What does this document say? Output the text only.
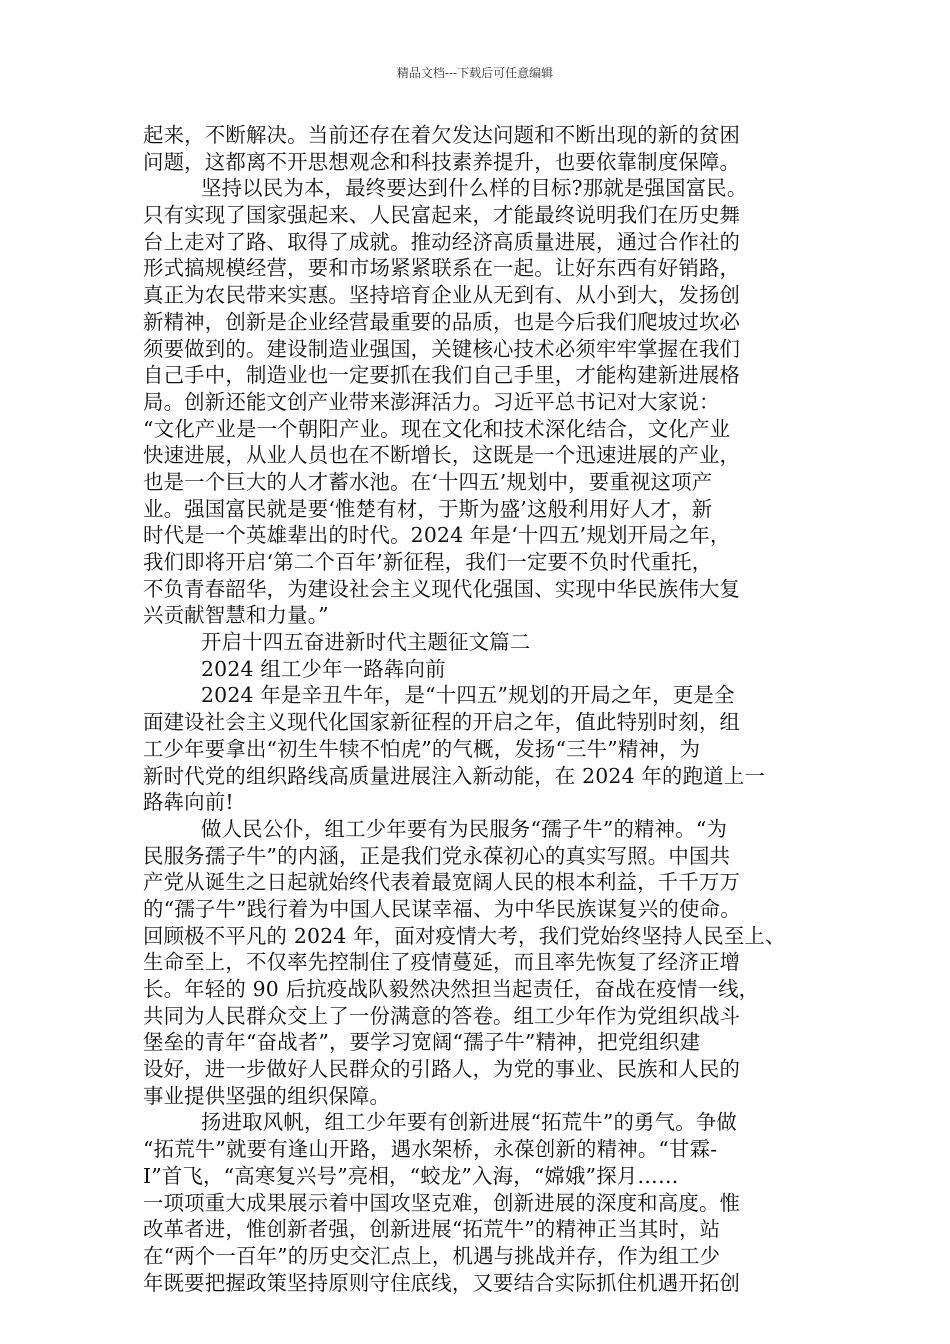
精品文档---下载后可任意编辑
起来，不断解决。当前还存在着欠发达问题和不断出现的新的贫困
问题，这都离不开思想观念和科技素养提升，也要依靠制度保障。
坚持以民为本，最终要达到什么样的目标?那就是强国富民。
只有实现了国家强起来、人民富起来，才能最终说明我们在历史舞
台上走对了路、取得了成就。推动经济高质量进展，通过合作社的
形式搞规模经营，要和市场紧紧联系在一起。让好东西有好销路，
真正为农民带来实惠。坚持培育企业从无到有、从小到大，发扬创
新精神，创新是企业经营最重要的品质，也是今后我们爬坡过坎必
须要做到的。建设制造业强国，关键核心技术必须牢牢掌握在我们
自己手中，制造业也一定要抓在我们自己手里，才能构建新进展格
局。创新还能文创产业带来澎湃活力。习近平总书记对大家说：
“文化产业是一个朝阳产业。现在文化和技术深化结合，文化产业
快速进展，从业人员也在不断增长，这既是一个迅速进展的产业，
也是一个巨大的人才蓄水池。在‘十四五’规划中，要重视这项产
业。强国富民就是要‘惟楚有材，于斯为盛’这般利用好人才，新
时代是一个英雄辈出的时代。2024 年是‘十四五’规划开局之年，
我们即将开启‘第二个百年’新征程，我们一定要不负时代重托，
不负青春韶华，为建设社会主义现代化强国、实现中华民族伟大复
兴贡献智慧和力量。”
开启十四五奋进新时代主题征文篇二
2024 组工少年一路犇向前
2024 年是辛丑牛年，是“十四五”规划的开局之年，更是全
面建设社会主义现代化国家新征程的开启之年，值此特别时刻，组
工少年要拿出“初生牛犊不怕虎”的气概，发扬“三牛”精神，为
新时代党的组织路线高质量进展注入新动能，在 2024 年的跑道上一
路犇向前!
做人民公仆，组工少年要有为民服务“孺子牛”的精神。“为
民服务孺子牛”的内涵，正是我们党永葆初心的真实写照。中国共
产党从诞生之日起就始终代表着最宽阔人民的根本利益，千千万万
的“孺子牛”践行着为中国人民谋幸福、为中华民族谋复兴的使命。
回顾极不平凡的 2024 年，面对疫情大考，我们党始终坚持人民至上、
生命至上，不仅率先控制住了疫情蔓延，而且率先恢复了经济正增
长。年轻的 90 后抗疫战队毅然决然担当起责任，奋战在疫情一线，
共同为人民群众交上了一份满意的答卷。组工少年作为党组织战斗
堡垒的青年“奋战者”，要学习宽阔“孺子牛”精神，把党组织建
设好，进一步做好人民群众的引路人，为党的事业、民族和人民的
事业提供坚强的组织保障。
扬进取风帆，组工少年要有创新进展“拓荒牛”的勇气。争做
“拓荒牛”就要有逢山开路，遇水架桥，永葆创新的精神。“甘霖-
Ⅰ”首飞，“高寒复兴号”亮相，“蛟龙”入海，“嫦娥”探月……
一项项重大成果展示着中国攻坚克难，创新进展的深度和高度。惟
改革者进，惟创新者强，创新进展“拓荒牛”的精神正当其时，站
在“两个一百年”的历史交汇点上，机遇与挑战并存，作为组工少
年既要把握政策坚持原则守住底线，又要结合实际抓住机遇开拓创
